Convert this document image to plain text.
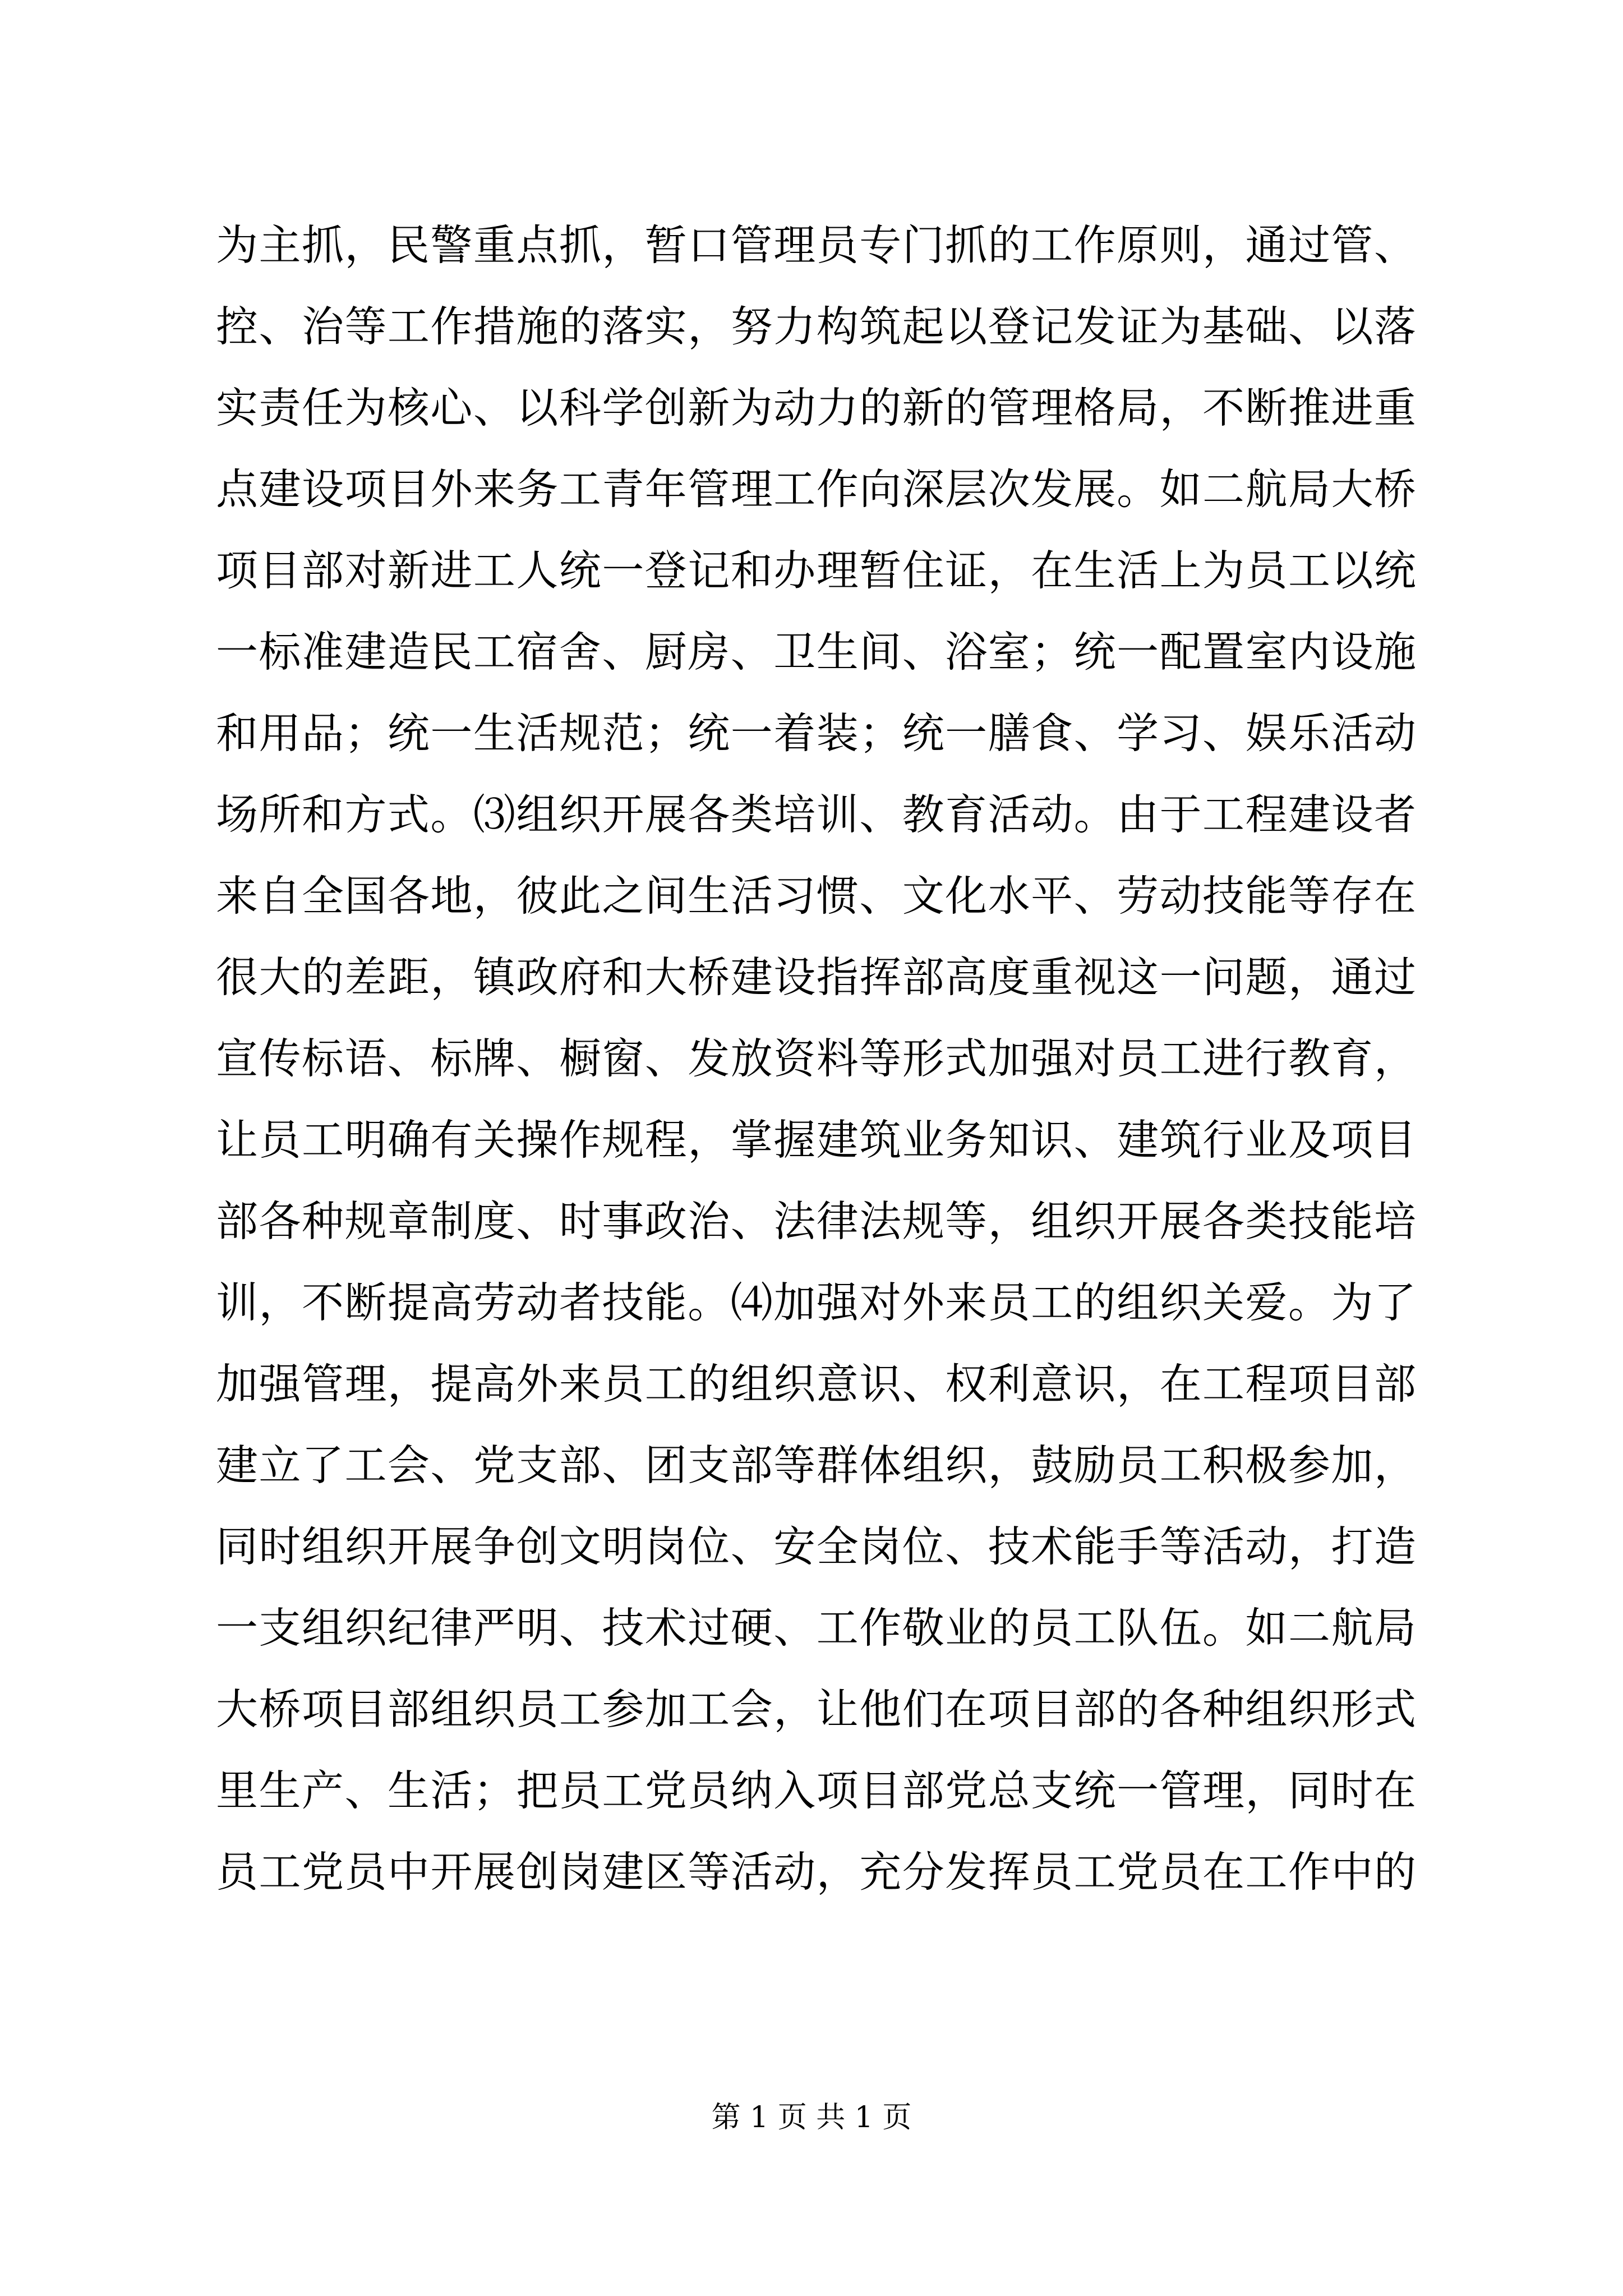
为主抓，民警重点抓，暂口管理员专门抓的工作原则，通过管、
控、治等工作措施的落实，努力构筑起以登记发证为基础、以落
实责任为核心、以科学创新为动力的新的管理格局，不断推进重
点建设项目外来务工青年管理工作向深层次发展。如二航局大桥
项目部对新进工人统一登记和办理暂住证，在生活上为员工以统
一标准建造民工宿舍、厨房、卫生间、浴室；统一配置室内设施
和用品；统一生活规范；统一着装；统一膳食、学习、娱乐活动
场所和方式。⑶组织开展各类培训、教育活动。由于工程建设者
来自全国各地，彼此之间生活习惯、文化水平、劳动技能等存在
很大的差距，镇政府和大桥建设指挥部高度重视这一问题，通过
宣传标语、标牌、橱窗、发放资料等形式加强对员工进行教育，
让员工明确有关操作规程，掌握建筑业务知识、建筑行业及项目
部各种规章制度、时事政治、法律法规等，组织开展各类技能培
训，不断提高劳动者技能。⑷加强对外来员工的组织关爱。为了
加强管理，提高外来员工的组织意识、权利意识，在工程项目部
建立了工会、党支部、团支部等群体组织，鼓励员工积极参加，
同时组织开展争创文明岗位、安全岗位、技术能手等活动，打造
一支组织纪律严明、技术过硬、工作敬业的员工队伍。如二航局
大桥项目部组织员工参加工会，让他们在项目部的各种组织形式
里生产、生活；把员工党员纳入项目部党总支统一管理，同时在
员工党员中开展创岗建区等活动，充分发挥员工党员在工作中的
第 1 页 共 1 页
